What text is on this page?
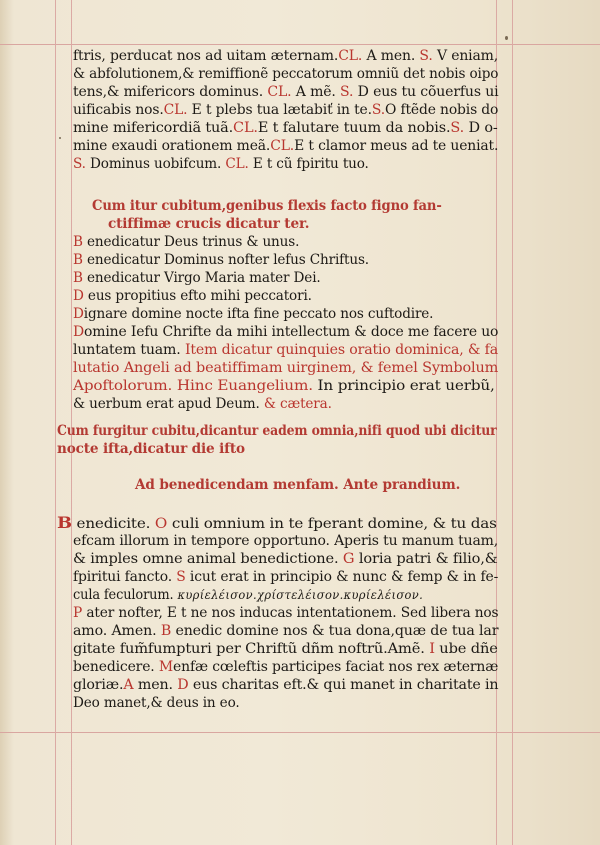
ftris, perducat nos ad uitam æternam.CL. A men. S. V eniam,
& abfolutionem,& remiffionẽ peccatorum omniũ det nobis oipo
tens,& mifericors dominus. CL. A mẽ. S. D eus tu cõuerfus ui
uificabis nos.CL. E t plebs tua lætabiť in te.S.O ftẽde nobis do
mine mifericordiã tuã.CL.E t falutare tuum da nobis.S. D o-
mine exaudi orationem meã.CL.E t clamor meus ad te ueniat.
S. Dominus uobifcum. CL. E t cũ fpiritu tuo.
Cum itur cubitum,genibus flexis facto figno fan-
ctiffimæ crucis dicatur ter.
B enedicatur Deus trinus & unus.
B enedicatur Dominus nofter lefus Chriftus.
B enedicatur Virgo Maria mater Dei.
D eus propitius efto mihi peccatori.
Dignare domine nocte ifta fine peccato nos cuftodire.
Domine Iefu Chrifte da mihi intellectum & doce me facere uo
luntatem tuam. Item dicatur quinquies oratio dominica, & fa
lutatio Angeli ad beatiffimam uirginem, & femel Symbolum
Apoftolorum. Hinc Euangelium. In principio erat uerbũ,
& uerbum erat apud Deum. & cætera.
Cum furgitur cubitu,dicantur eadem omnia,nifi quod ubi dicitur
nocte ifta,dicatur die ifto
Ad benedicendam menfam. Ante prandium.
B enedicite. O culi omnium in te fperant domine, & tu das
efcam illorum in tempore opportuno. Aperis tu manum tuam,
& imples omne animal benedictione. G loria patri & filio,&
fpiritui fancto. S icut erat in principio & nunc & femp & in fe-
cula feculorum. κυρίελέισον.χρίστελέισον.κυρίελέισον.
P ater nofter, E t ne nos inducas intentationem. Sed libera nos
amo. Amen. B enedic domine nos & tua dona,quæ de tua lar
gitate fum̃fumpturi per Chriftũ dñm noftrũ.Amẽ. I ube dñe
benedicere. Menfæ cœleftis participes faciat nos rex æternæ
gloriæ.A men. D eus charitas eft.& qui manet in charitate in
Deo manet,& deus in eo.
